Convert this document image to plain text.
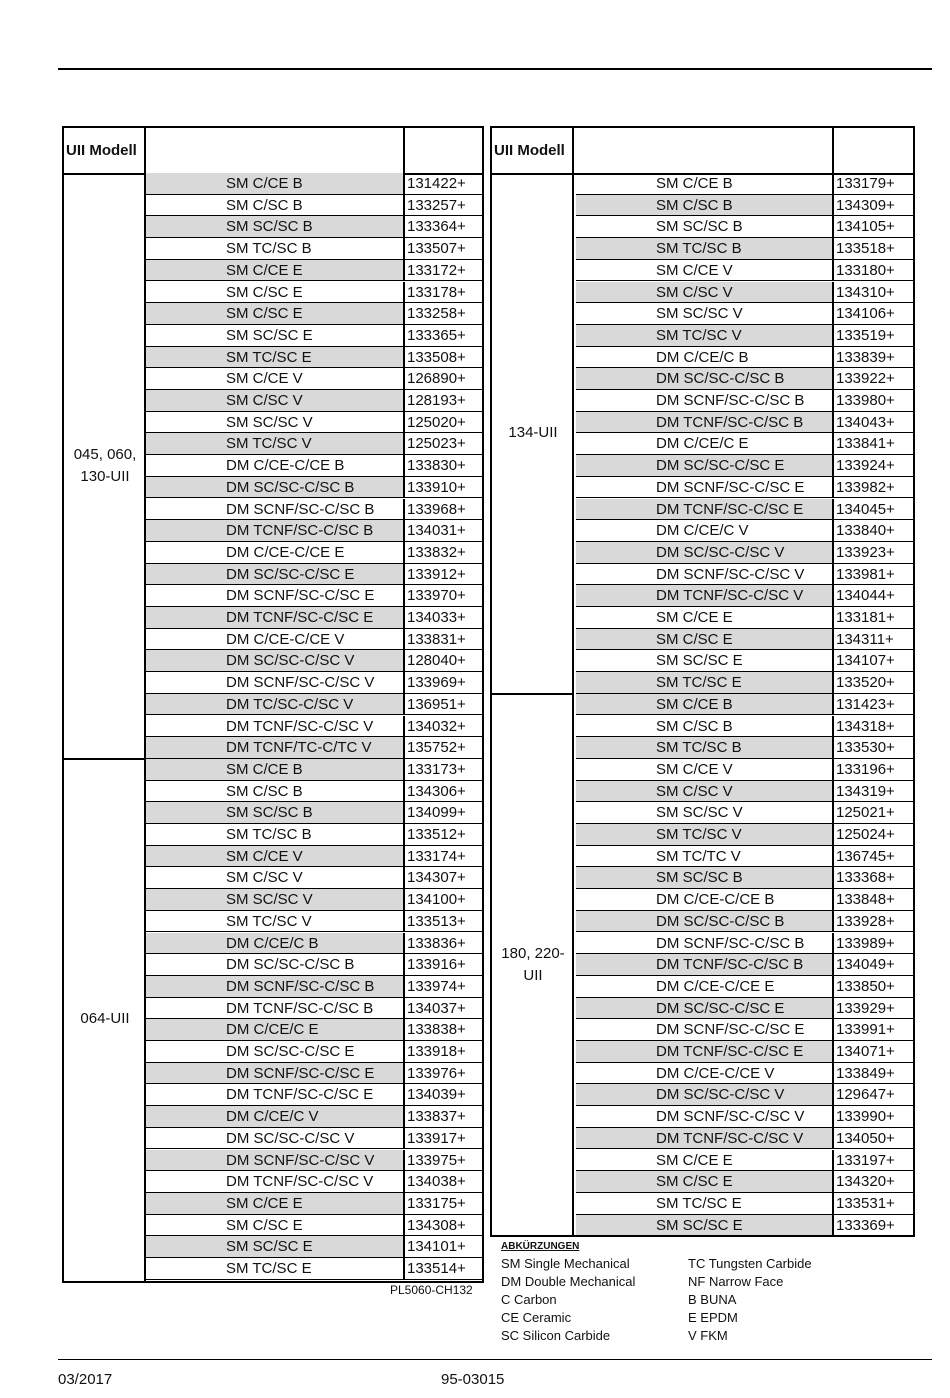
UII Modell
045, 060,
130-UII
064-UII
SM C/CE B	131422+
SM C/SC B	133257+
SM SC/SC B	133364+
SM TC/SC B	133507+
SM C/CE E	133172+
SM C/SC E	133178+
SM C/SC E	133258+
SM SC/SC E	133365+
SM TC/SC E	133508+
SM C/CE V	126890+
SM C/SC V	128193+
SM SC/SC V	125020+
SM TC/SC V	125023+
DM C/CE-C/CE B	133830+
DM SC/SC-C/SC B	133910+
DM SCNF/SC-C/SC B 133968+
DM TCNF/SC-C/SC B 134031+
DM C/CE-C/CE E	133832+
DM SC/SC-C/SC E	133912+
DM SCNF/SC-C/SC E 133970+
DM TCNF/SC-C/SC E 134033+
DM C/CE-C/CE V	133831+
DM SC/SC-C/SC V	128040+
DM SCNF/SC-C/SC V 133969+
DM TC/SC-C/SC V	136951+
DM TCNF/SC-C/SC V 134032+
DM TCNF/TC-C/TC V 135752+
SM C/CE B	133173+
SM C/SC B	134306+
SM SC/SC B	134099+
SM TC/SC B	133512+
SM C/CE V	133174+
SM C/SC V	134307+
SM SC/SC V	134100+
SM TC/SC V	133513+
DM C/CE/C B	133836+
DM SC/SC-C/SC B	133916+
DM SCNF/SC-C/SC B 133974+
DM TCNF/SC-C/SC B 134037+
DM C/CE/C E	133838+
DM SC/SC-C/SC E	133918+
DM SCNF/SC-C/SC E 133976+
DM TCNF/SC-C/SC E 134039+
DM C/CE/C V	133837+
DM SC/SC-C/SC V	133917+
DM SCNF/SC-C/SC V 133975+
DM TCNF/SC-C/SC V 134038+
SM C/CE E	133175+
SM C/SC E	134308+
SM SC/SC E	134101+
SM TC/SC E	133514+
UII Modell
134-UII
180, 220-
UII
SM C/CE B	133179+
SM C/SC B	134309+
SM SC/SC B	134105+
SM TC/SC B	133518+
SM C/CE V	133180+
SM C/SC V	134310+
SM SC/SC V	134106+
SM TC/SC V	133519+
DM C/CE/C B	133839+
DM SC/SC-C/SC B	133922+
DM SCNF/SC-C/SC B 133980+
DM TCNF/SC-C/SC B 134043+
DM C/CE/C E	133841+
DM SC/SC-C/SC E	133924+
DM SCNF/SC-C/SC E 133982+
DM TCNF/SC-C/SC E 134045+
DM C/CE/C V	133840+
DM SC/SC-C/SC V	133923+
DM SCNF/SC-C/SC V 133981+
DM TCNF/SC-C/SC V 134044+
SM C/CE E	133181+
SM C/SC E	134311+
SM SC/SC E	134107+
SM TC/SC E	133520+
SM C/CE B	131423+
SM C/SC B	134318+
SM TC/SC B	133530+
SM C/CE V	133196+
SM C/SC V	134319+
SM SC/SC V	125021+
SM TC/SC V	125024+
SM TC/TC V	136745+
SM SC/SC B	133368+
DM C/CE-C/CE B	133848+
DM SC/SC-C/SC B	133928+
DM SCNF/SC-C/SC B 133989+
DM TCNF/SC-C/SC B 134049+
DM C/CE-C/CE E	133850+
DM SC/SC-C/SC E	133929+
DM SCNF/SC-C/SC E 133991+
DM TCNF/SC-C/SC E 134071+
DM C/CE-C/CE V	133849+
DM SC/SC-C/SC V	129647+
DM SCNF/SC-C/SC V 133990+
DM TCNF/SC-C/SC V 134050+
SM C/CE E	133197+
SM C/SC E	134320+
SM TC/SC E	133531+
SM SC/SC E	133369+
PL5060-CH132
ABKÜRZUNGEN
SM Single Mechanical
DM Double Mechanical
C Carbon
CE Ceramic
SC Silicon Carbide
TC Tungsten Carbide
NF Narrow Face
B BUNA
E EPDM
V FKM
03/2017	95-03015
